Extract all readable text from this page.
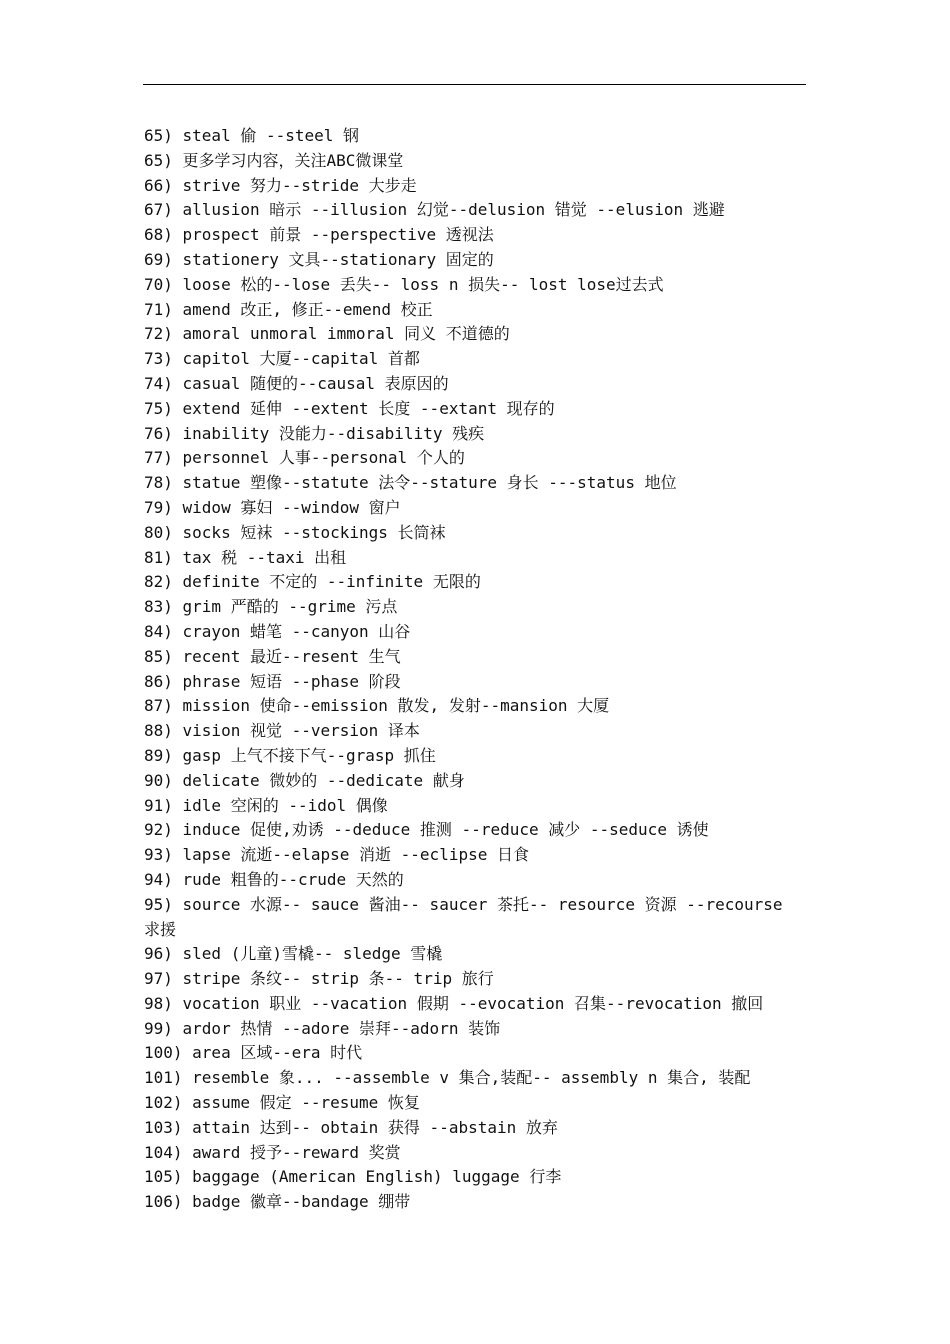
65) steal 偷 --steel 钢
65) 更多学习内容，关注ABC微课堂
66) strive 努力--stride 大步走
67) allusion 暗示 --illusion 幻觉--delusion 错觉 --elusion 逃避
68) prospect 前景 --perspective 透视法
69) stationery 文具--stationary 固定的
70) loose 松的--lose 丢失-- loss n 损失-- lost lose过去式
71) amend 改正, 修正--emend 校正
72) amoral unmoral immoral 同义 不道德的
73) capitol 大厦--capital 首都
74) casual 随便的--causal 表原因的
75) extend 延伸 --extent 长度 --extant 现存的
76) inability 没能力--disability 残疾
77) personnel 人事--personal 个人的
78) statue 塑像--statute 法令--stature 身长 ---status 地位
79) widow 寡妇 --window 窗户
80) socks 短袜 --stockings 长筒袜
81) tax 税 --taxi 出租
82) definite 不定的 --infinite 无限的
83) grim 严酷的 --grime 污点
84) crayon 蜡笔 --canyon 山谷
85) recent 最近--resent 生气
86) phrase 短语 --phase 阶段
87) mission 使命--emission 散发, 发射--mansion 大厦
88) vision 视觉 --version 译本
89) gasp 上气不接下气--grasp 抓住
90) delicate 微妙的 --dedicate 献身
91) idle 空闲的 --idol 偶像
92) induce 促使,劝诱 --deduce 推测 --reduce 减少 --seduce 诱使
93) lapse 流逝--elapse 消逝 --eclipse 日食
94) rude 粗鲁的--crude 天然的
95) source 水源-- sauce 酱油-- saucer 茶托-- resource 资源 --recourse
求援
96) sled (儿童)雪橇-- sledge 雪橇
97) stripe 条纹-- strip 条-- trip 旅行
98) vocation 职业 --vacation 假期 --evocation 召集--revocation 撤回
99) ardor 热情 --adore 崇拜--adorn 装饰
100) area 区域--era 时代
101) resemble 象... --assemble v 集合,装配-- assembly n 集合, 装配
102) assume 假定 --resume 恢复
103) attain 达到-- obtain 获得 --abstain 放弃
104) award 授予--reward 奖赏
105) baggage (American English) luggage 行李
106) badge 徽章--bandage 绷带
